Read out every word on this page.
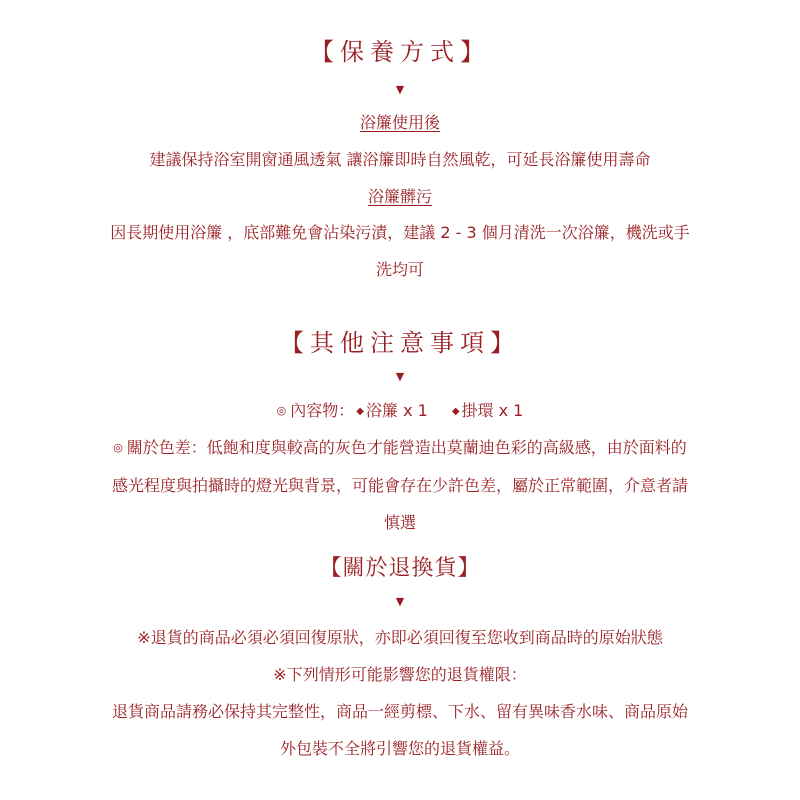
【保養方式】
▼
浴簾使用後
建議保持浴室開窗通風透氣 讓浴簾即時自然風乾，可延長浴簾使用壽命
浴簾髒污
因長期使用浴簾 ，底部難免會沾染污漬，建議 2 - 3 個月清洗一次浴簾，機洗或手
洗均可
【其他注意事項】
▼
◎ 內容物： ◆ 浴簾 x 1 ◆ 掛環 x 1
◎ 關於色差：低飽和度與較高的灰色才能營造出莫蘭迪色彩的高級感，由於面料的
感光程度與拍攝時的燈光與背景，可能會存在少許色差，屬於正常範圍，介意者請
慎選
【關於退換貨】
▼
※退貨的商品必須必須回復原狀，亦即必須回復至您收到商品時的原始狀態
※下列情形可能影響您的退貨權限：
退貨商品請務必保持其完整性，商品一經剪標、下水、留有異味香水味、商品原始
外包裝不全將引響您的退貨權益。
